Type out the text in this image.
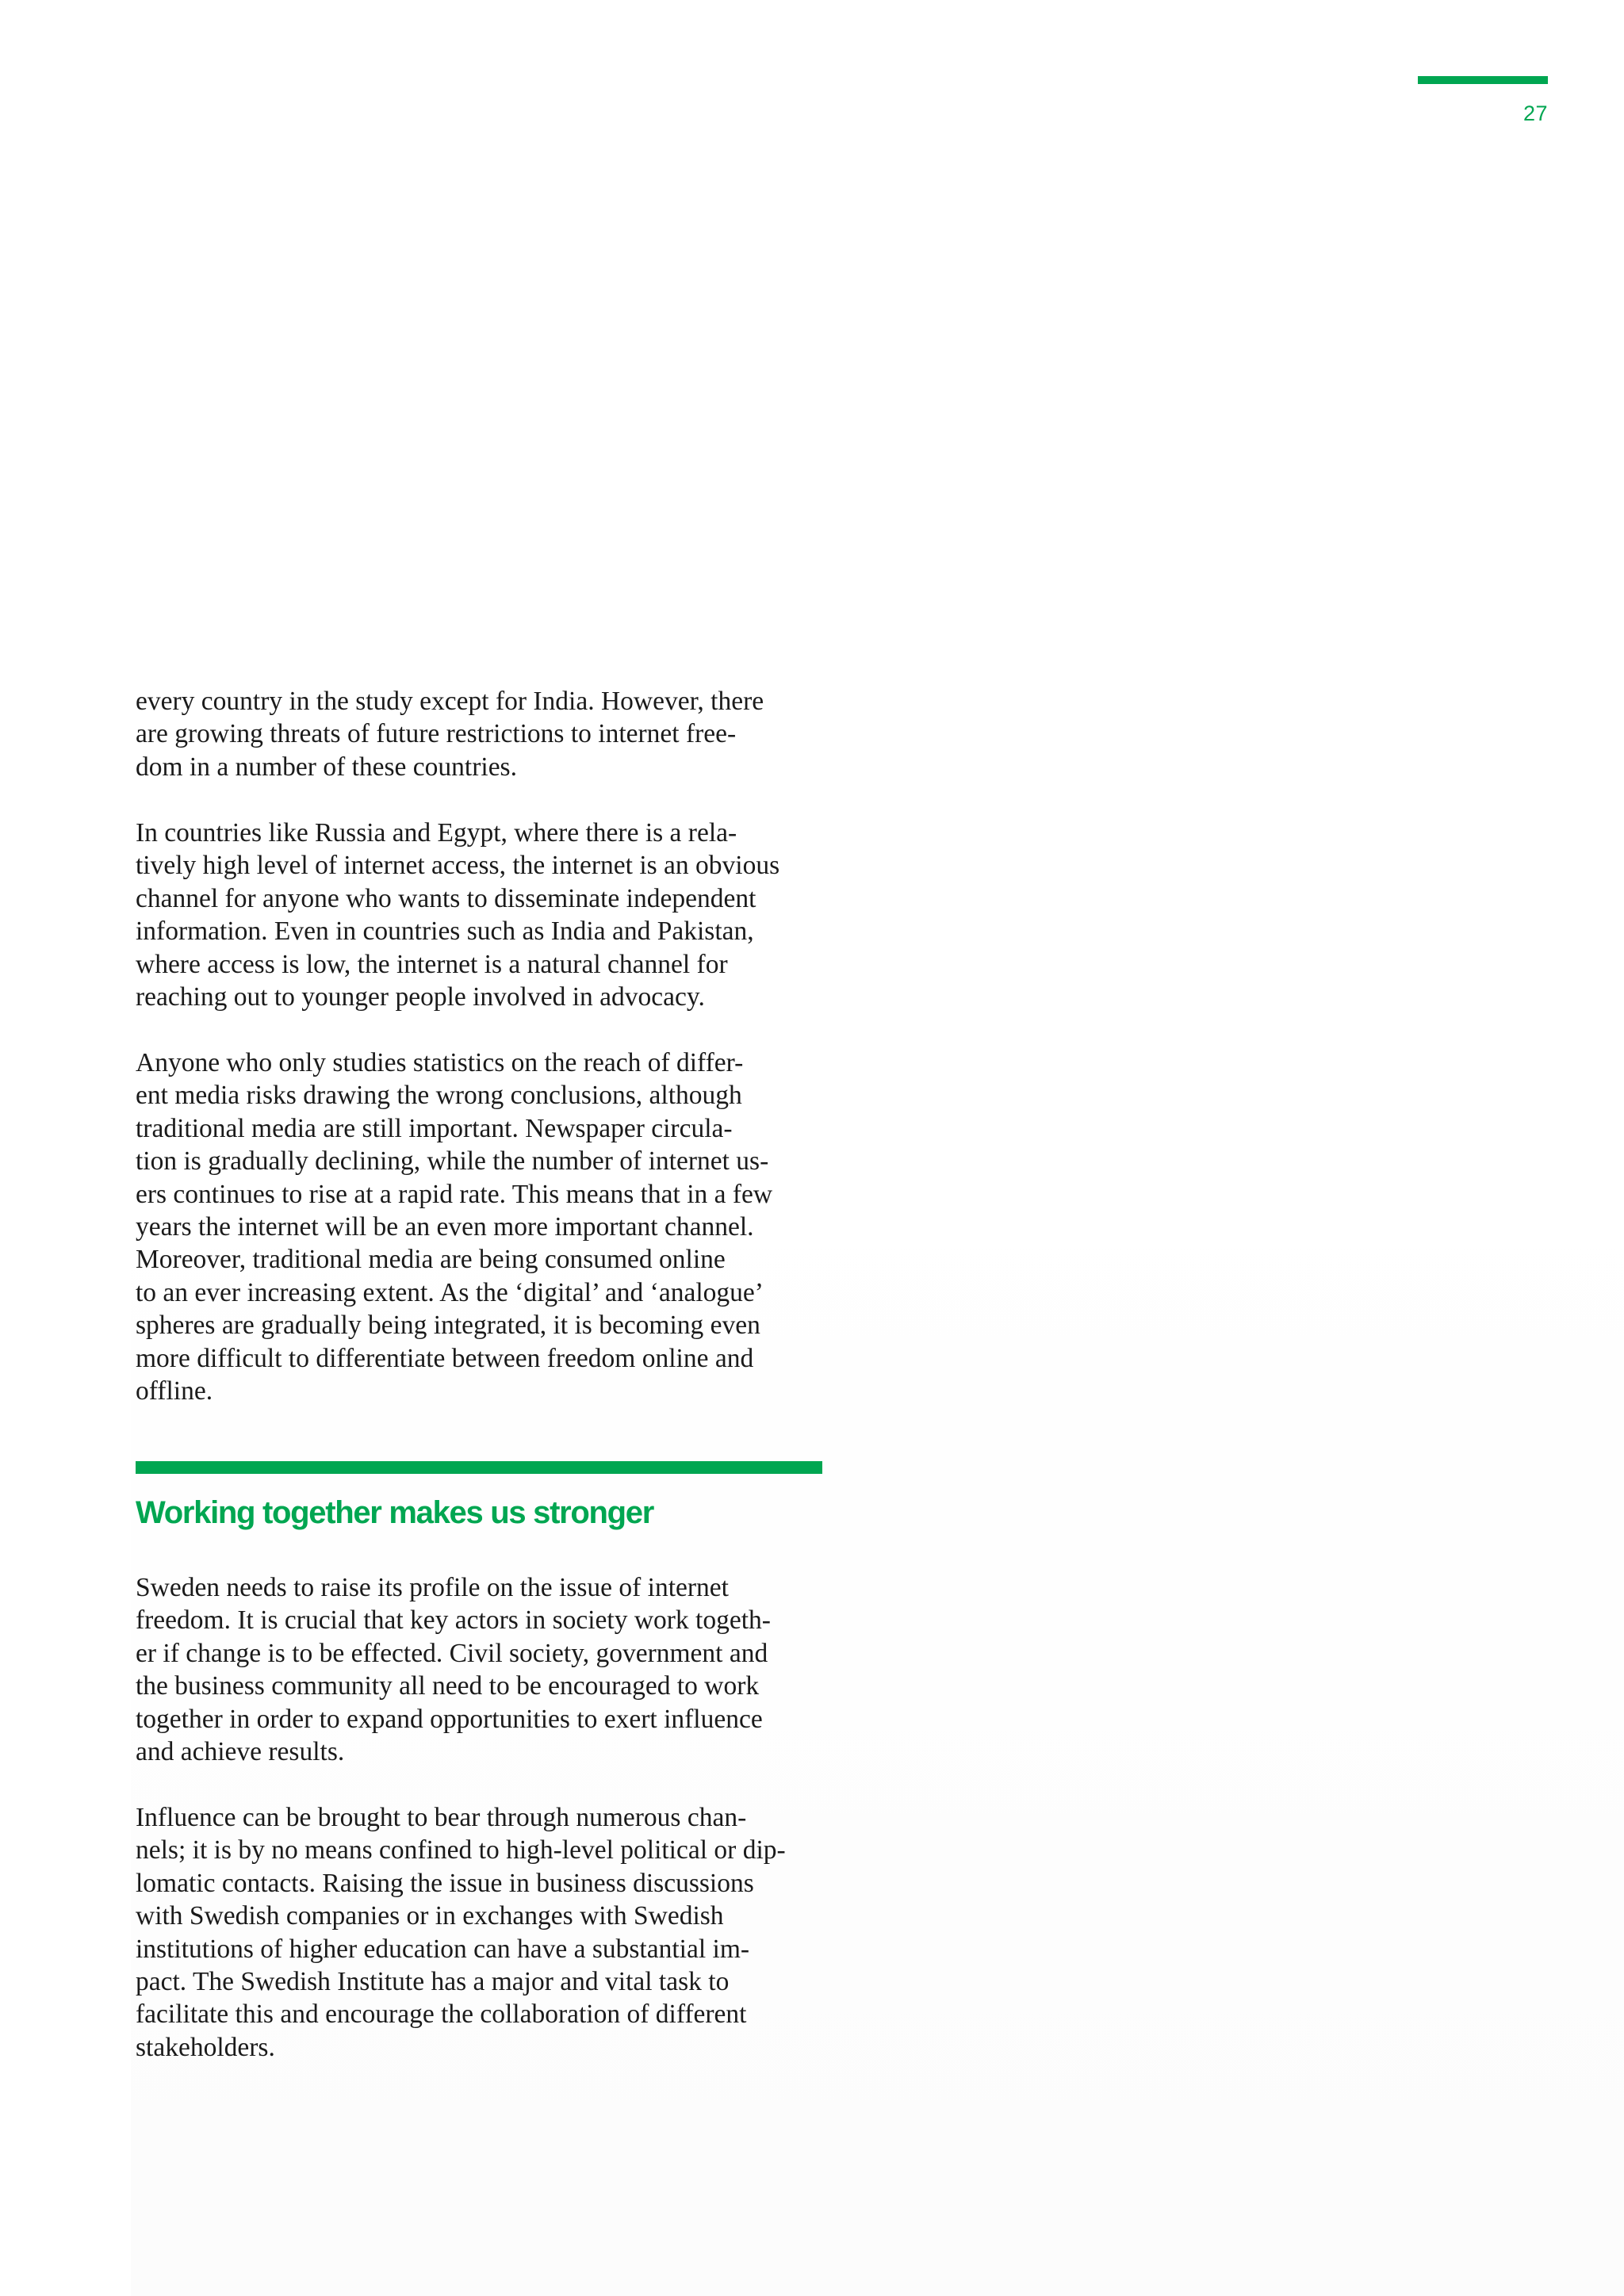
27

every country in the study except for India. However, there

are growing threats of future restrictions to internet free-

dom in a number of these countries.

In countries like Russia and Egypt, where there is a rela-

tively high level of internet access, the internet is an obvious

channel for anyone who wants to disseminate independent

information. Even in countries such as India and Pakistan,

where access is low, the internet is a natural channel for

reaching out to younger people involved in advocacy.

Anyone who only studies statistics on the reach of differ-

ent media risks drawing the wrong conclusions, although

traditional media are still important. Newspaper circula-

tion is gradually declining, while the number of internet us-

ers continues to rise at a rapid rate. This means that in a few

years the internet will be an even more important channel.

Moreover, traditional media are being consumed online

to an ever increasing extent. As the ‘digital’ and ‘analogue’

spheres are gradually being integrated, it is becoming even

more difficult to differentiate between freedom online and

offline.

Working together makes us stronger

Sweden needs to raise its profile on the issue of internet

freedom. It is crucial that key actors in society work togeth-

er if change is to be effected. Civil society, government and

the business community all need to be encouraged to work

together in order to expand opportunities to exert influence

and achieve results.

Influence can be brought to bear through numerous chan-

nels; it is by no means confined to high-level political or dip-

lomatic contacts. Raising the issue in business discussions

with Swedish companies or in exchanges with Swedish

institutions of higher education can have a substantial im-

pact. The Swedish Institute has a major and vital task to

facilitate this and encourage the collaboration of different

stakeholders.
